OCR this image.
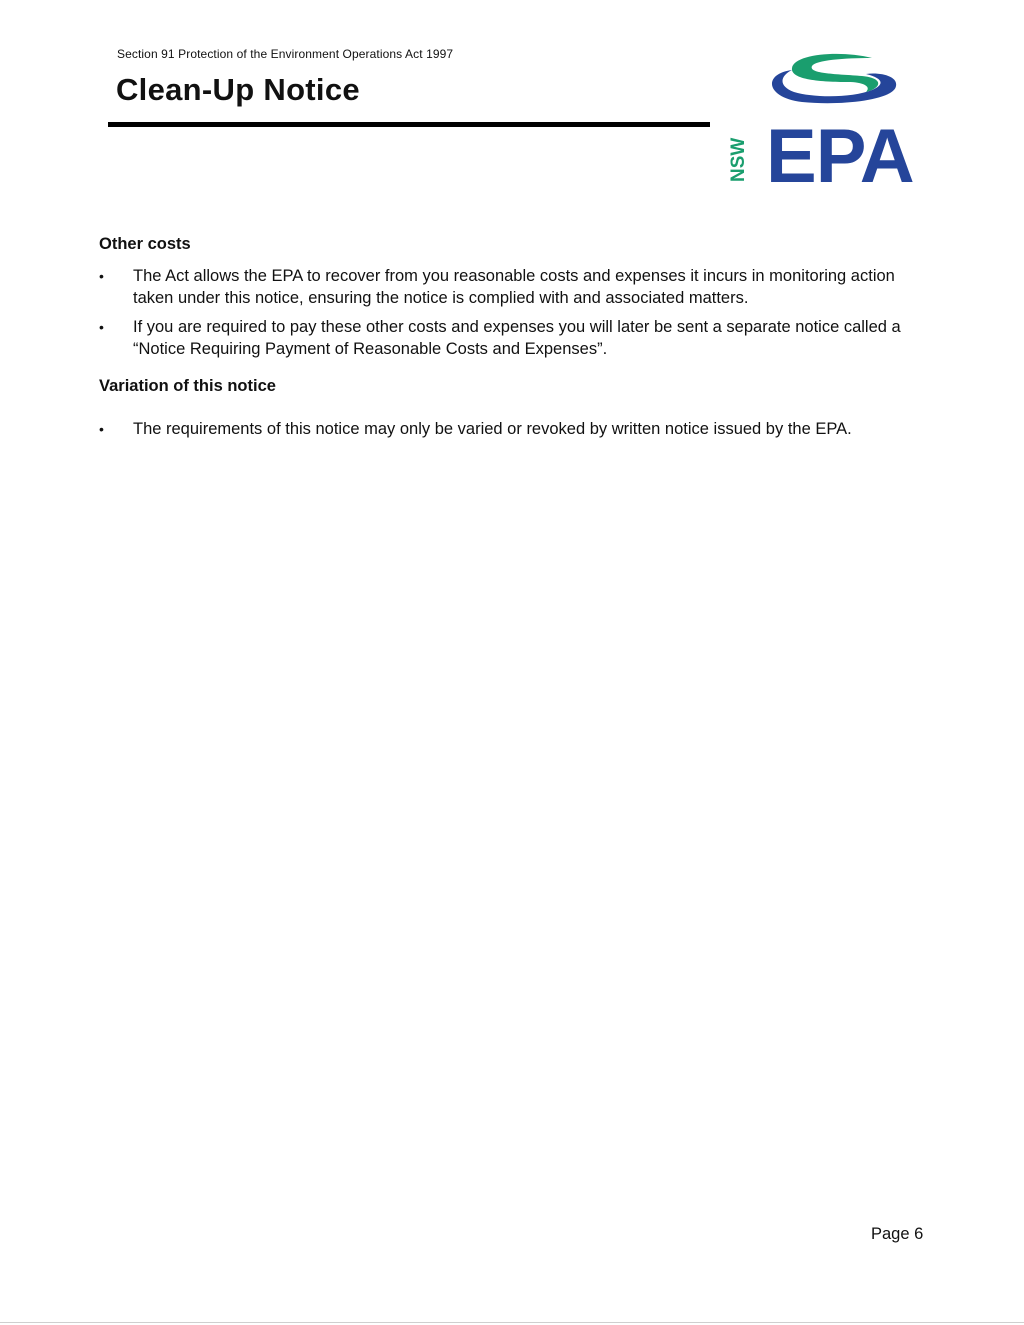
Section 91 Protection of the Environment Operations Act 1997
Clean-Up Notice
EPA
NSW
Other costs
•	The Act allows the EPA to recover from you reasonable costs and expenses it incurs in monitoring action taken under this notice, ensuring the notice is complied with and associated matters.
•	If you are required to pay these other costs and expenses you will later be sent a separate notice called a “Notice Requiring Payment of Reasonable Costs and Expenses”.
Variation of this notice
•	The requirements of this notice may only be varied or revoked by written notice issued by the EPA.
Page 6
